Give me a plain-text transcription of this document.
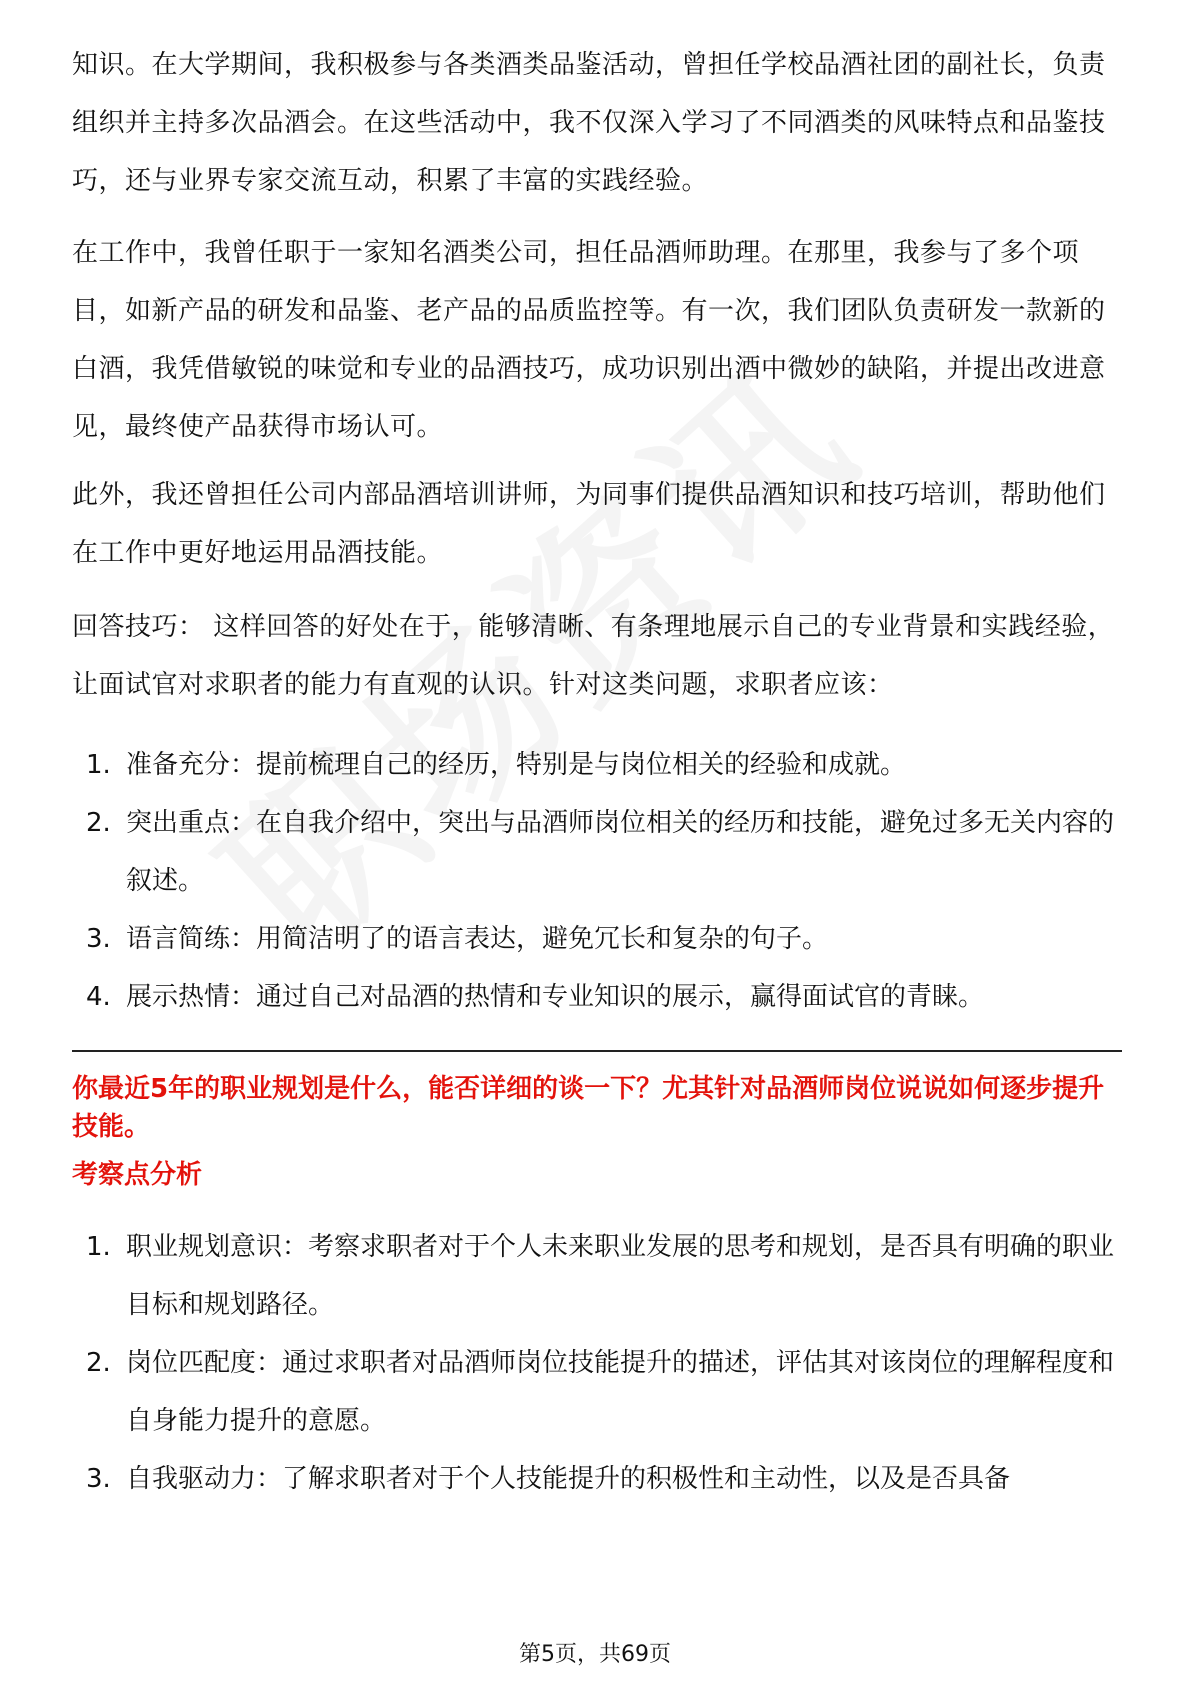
知识。在大学期间，我积极参与各类酒类品鉴活动，曾担任学校品酒社团的副社长，负责组织并主持多次品酒会。在这些活动中，我不仅深入学习了不同酒类的风味特点和品鉴技巧，还与业界专家交流互动，积累了丰富的实践经验。

在工作中，我曾任职于一家知名酒类公司，担任品酒师助理。在那里，我参与了多个项目，如新产品的研发和品鉴、老产品的品质监控等。有一次，我们团队负责研发一款新的白酒，我凭借敏锐的味觉和专业的品酒技巧，成功识别出酒中微妙的缺陷，并提出改进意见，最终使产品获得市场认可。

此外，我还曾担任公司内部品酒培训讲师，为同事们提供品酒知识和技巧培训，帮助他们在工作中更好地运用品酒技能。

回答技巧： 这样回答的好处在于，能够清晰、有条理地展示自己的专业背景和实践经验，让面试官对求职者的能力有直观的认识。针对这类问题，求职者应该：

1. 准备充分：提前梳理自己的经历，特别是与岗位相关的经验和成就。
2. 突出重点：在自我介绍中，突出与品酒师岗位相关的经历和技能，避免过多无关内容的叙述。
3. 语言简练：用简洁明了的语言表达，避免冗长和复杂的句子。
4. 展示热情：通过自己对品酒的热情和专业知识的展示，赢得面试官的青睐。

你最近5年的职业规划是什么，能否详细的谈一下？尤其针对品酒师岗位说说如何逐步提升技能。

考察点分析

1. 职业规划意识：考察求职者对于个人未来职业发展的思考和规划，是否具有明确的职业目标和规划路径。
2. 岗位匹配度：通过求职者对品酒师岗位技能提升的描述，评估其对该岗位的理解程度和自身能力提升的意愿。
3. 自我驱动力：了解求职者对于个人技能提升的积极性和主动性，以及是否具备
第5页，共69页
